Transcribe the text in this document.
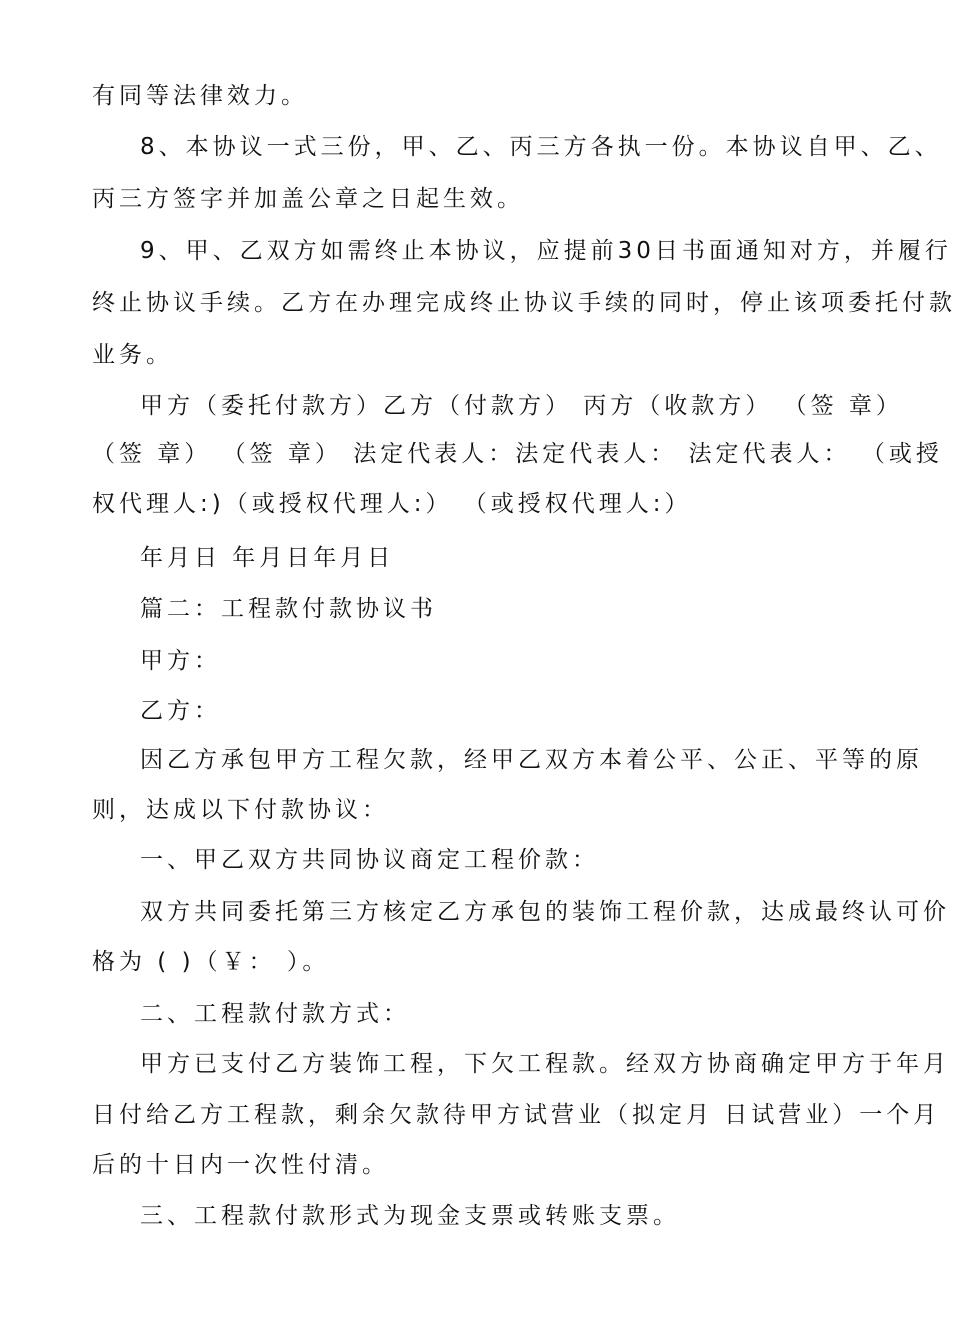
有同等法律效力。
8、本协议一式三份，甲、乙、丙三方各执一份。本协议自甲、乙、
丙三方签字并加盖公章之日起生效。
9、甲、乙双方如需终止本协议，应提前30日书面通知对方，并履行
终止协议手续。乙方在办理完成终止协议手续的同时，停止该项委托付款
业务。
甲方（委托付款方）乙方（付款方） 丙方（收款方） （签 章）
（签 章） （签 章） 法定代表人：法定代表人： 法定代表人： （或授
权代理人:)（或授权代理人:） （或授权代理人:）
年月日 年月日年月日
篇二：工程款付款协议书
甲方：
乙方：
因乙方承包甲方工程欠款，经甲乙双方本着公平、公正、平等的原
则，达成以下付款协议：
一、甲乙双方共同协议商定工程价款：
双方共同委托第三方核定乙方承包的装饰工程价款，达成最终认可价
格为 ( )（￥： ）。
二、工程款付款方式：
甲方已支付乙方装饰工程，下欠工程款。经双方协商确定甲方于年月
日付给乙方工程款，剩余欠款待甲方试营业（拟定月 日试营业）一个月
后的十日内一次性付清。
三、工程款付款形式为现金支票或转账支票。
